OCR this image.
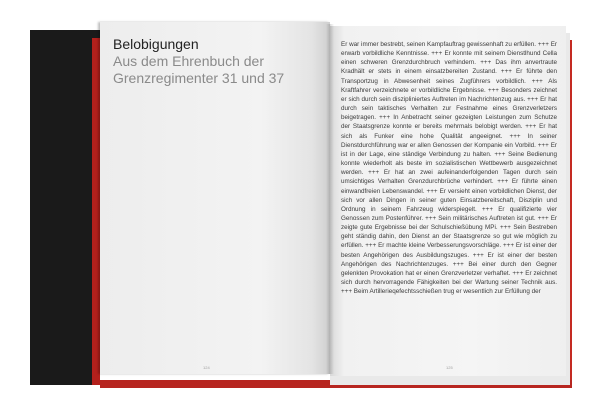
Belobigungen
Aus dem Ehrenbuch der
Grenzregimenter 31 und 37
124
Er war immer bestrebt, seinen Kampfauftrag gewissenhaft zu erfüllen. +++ Er erwarb vorbildliche Kenntnisse. +++ Er konnte mit seinem Dienstlhund Cella einen schweren Grenzdurchbruch verhindern. +++ Das ihm anvertraute Kradhält er stets in einem einsatzbereiten Zustand. +++ Er führte den Transportzug in Abwesenheit seines Zugführers vorbildlich. +++ Als Kraftfahrer verzeichnete er vorbildliche Ergebnisse. +++ Besonders zeichnet er sich durch sein diszipliniertes Auftreten im Nachrichtenzug aus. +++ Er hat durch sein taktisches Verhalten zur Festnahme eines Grenzverletzers beigetragen. +++ In Anbetracht seiner gezeigten Leistungen zum Schutze der Staatsgrenze konnte er bereits mehrmals belobigt werden. +++ Er hat sich als Funker eine hohe Qualität angeeignet. +++ In seiner Dienstdurchführung war er allen Genossen der Kompanie ein Vorbild. +++ Er ist in der Lage, eine ständige Verbindung zu halten. +++ Seine Bedienung konnte wiederholt als beste im sozialistischen Wettbewerb ausgezeichnet werden. +++ Er hat an zwei aufeinanderfolgenden Tagen durch sein umsichtiges Verhalten Grenzdurchbrüche verhindert. +++ Er führte einen einwandfreien Lebenswandel. +++ Er versieht einen vorbildlichen Dienst, der sich vor allen Dingen in seiner guten Einsatzbereitschaft, Disziplin und Ordnung in seinem Fahrzeug widerspiegelt. +++ Er qualifizierte vier Genossen zum Postenführer. +++ Sein militärisches Auftreten ist gut. +++ Er zeigte gute Ergebnisse bei der Schulschießübung MPi. +++ Sein Bestreben geht ständig dahin, den Dienst an der Staatsgrenze so gut wie möglich zu erfüllen. +++ Er machte kleine Verbesserungsvorschläge. +++ Er ist einer der besten Angehörigen des Ausbildungszuges. +++ Er ist einer der besten Angehörigen des Nachrichtenzuges. +++ Bei einer durch den Gegner gelenkten Provokation hat er einen Grenzverletzer verhaftet. +++ Er zeichnet sich durch hervorragende Fähigkeiten bei der Wartung seiner Technik aus. +++ Beim Artillerieqefechtsschießen trug er wesentlich zur Erfüllung der
125
